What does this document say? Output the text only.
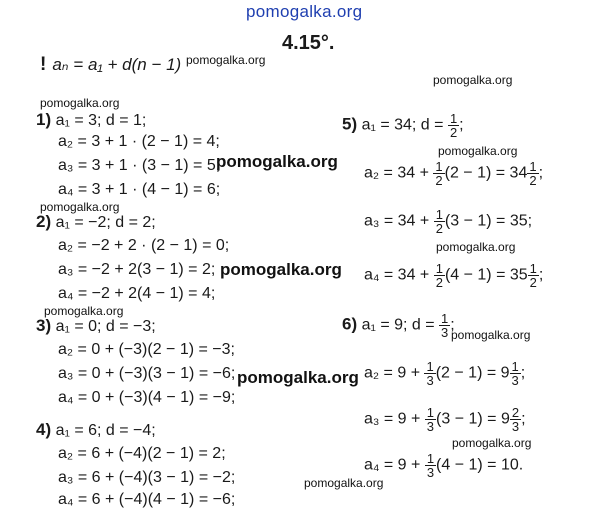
pomogalka.org
4.15°.
! aₙ = a₁ + d(n − 1) pomogalka.org
pomogalka.org
pomogalka.org
pomogalka.org
pomogalka.org
pomogalka.org
pomogalka.org
pomogalka.org
pomogalka.org
pomogalka.org
pomogalka.org
pomogalka.org
pomogalka.org
1) a₁ = 3; d = 1;
a₂ = 3 + 1 · (2 − 1) = 4;
a₃ = 3 + 1 · (3 − 1) = 5;
a₄ = 3 + 1 · (4 − 1) = 6;
2) a₁ = −2; d = 2;
a₂ = −2 + 2 · (2 − 1) = 0;
a₃ = −2 + 2(3 − 1) = 2;
a₄ = −2 + 2(4 − 1) = 4;
3) a₁ = 0; d = −3;
a₂ = 0 + (−3)(2 − 1) = −3;
a₃ = 0 + (−3)(3 − 1) = −6;
a₄ = 0 + (−3)(4 − 1) = −9;
4) a₁ = 6; d = −4;
a₂ = 6 + (−4)(2 − 1) = 2;
a₃ = 6 + (−4)(3 − 1) = −2;
a₄ = 6 + (−4)(4 − 1) = −6;
5) a₁ = 34; $d = \frac{1}{2}$ ;
$a_2 = 34 + \frac{1}{2} (2 - 1) = 34 \frac{1}{2}$ ;
$a_3 = 34 + \frac{1}{2} (3 - 1) = 35$;
$a_4 = 34 + \frac{1}{2} (4 - 1) = 35 \frac{1}{2}$ ;
6) a₁ = 9; $d = \frac{1}{3}$ ;
$a_2 = 9 + \frac{1}{3} (2 - 1) = 9 \frac{1}{3}$ ;
$a_3 = 9 + \frac{1}{3} (3 - 1) = 9 \frac{2}{3}$ ;
$a_4 = 9 + \frac{1}{3} (4 - 1) = 10$.
